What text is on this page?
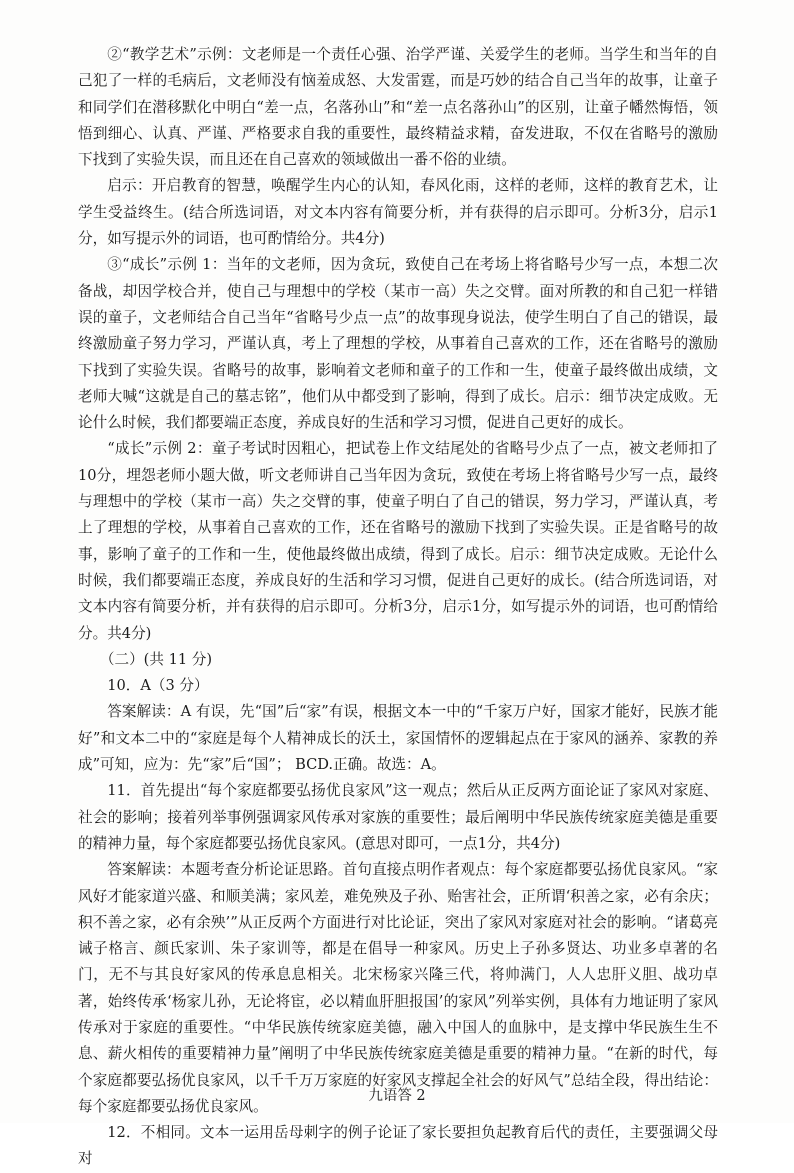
②“教学艺术”示例：文老师是一个责任心强、治学严谨、关爱学生的老师。当学生和当年的自己犯了一样的毛病后，文老师没有恼羞成怒、大发雷霆，而是巧妙的结合自己当年的故事，让童子和同学们在潜移默化中明白“差一点，名落孙山”和“差一点名落孙山”的区别，让童子幡然悔悟，领悟到细心、认真、严谨、严格要求自我的重要性，最终精益求精，奋发进取，不仅在省略号的激励下找到了实验失误，而且还在自己喜欢的领域做出一番不俗的业绩。

启示：开启教育的智慧，唤醒学生内心的认知，春风化雨，这样的老师，这样的教育艺术，让学生受益终生。(结合所选词语，对文本内容有简要分析，并有获得的启示即可。分析3分，启示1分，如写提示外的词语，也可酌情给分。共4分)

③“成长”示例 1：当年的文老师，因为贪玩，致使自己在考场上将省略号少写一点，本想二次备战，却因学校合并，使自己与理想中的学校（某市一高）失之交臂。面对所教的和自己犯一样错误的童子，文老师结合自己当年“省略号少点一点”的故事现身说法，使学生明白了自己的错误，最终激励童子努力学习，严谨认真，考上了理想的学校，从事着自己喜欢的工作，还在省略号的激励下找到了实验失误。省略号的故事，影响着文老师和童子的工作和一生，使童子最终做出成绩，文老师大喊“这就是自己的墓志铭”，他们从中都受到了影响，得到了成长。启示：细节决定成败。无论什么时候，我们都要端正态度，养成良好的生活和学习习惯，促进自己更好的成长。

“成长”示例 2：童子考试时因粗心，把试卷上作文结尾处的省略号少点了一点，被文老师扣了 10分，埋怨老师小题大做，听文老师讲自己当年因为贪玩，致使在考场上将省略号少写一点，最终与理想中的学校（某市一高）失之交臂的事，使童子明白了自己的错误，努力学习，严谨认真，考上了理想的学校，从事着自己喜欢的工作，还在省略号的激励下找到了实验失误。正是省略号的故事，影响了童子的工作和一生，使他最终做出成绩，得到了成长。启示：细节决定成败。无论什么时候，我们都要端正态度，养成良好的生活和学习习惯，促进自己更好的成长。(结合所选词语，对文本内容有简要分析，并有获得的启示即可。分析3分，启示1分，如写提示外的词语，也可酌情给分。共4分)

（二）(共 11 分)

10．A（3 分）

答案解读：A 有误，先“国”后“家”有误，根据文本一中的“千家万户好，国家才能好，民族才能好”和文本二中的“家庭是每个人精神成长的沃土，家国情怀的逻辑起点在于家风的涵养、家教的养成”可知，应为：先“家”后“国”； BCD.正确。故选：A。

11．首先提出“每个家庭都要弘扬优良家风”这一观点；然后从正反两方面论证了家风对家庭、社会的影响；接着列举事例强调家风传承对家族的重要性；最后阐明中华民族传统家庭美德是重要的精神力量，每个家庭都要弘扬优良家风。(意思对即可，一点1分，共4分)

答案解读：本题考查分析论证思路。首句直接点明作者观点：每个家庭都要弘扬优良家风。“家风好才能家道兴盛、和顺美满；家风差，难免殃及子孙、贻害社会，正所谓‘积善之家，必有余庆；积不善之家，必有余殃’”从正反两个方面进行对比论证，突出了家风对家庭对社会的影响。“诸葛亮诫子格言、颜氏家训、朱子家训等，都是在倡导一种家风。历史上子孙多贤达、功业多卓著的名门，无不与其良好家风的传承息息相关。北宋杨家兴隆三代，将帅满门，人人忠肝义胆、战功卓著，始终传承‘杨家儿孙，无论将宦，必以精血肝胆报国’的家风”列举实例，具体有力地证明了家风传承对于家庭的重要性。“中华民族传统家庭美德，融入中国人的血脉中，是支撑中华民族生生不息、薪火相传的重要精神力量”阐明了中华民族传统家庭美德是重要的精神力量。“在新的时代，每个家庭都要弘扬优良家风，以千千万万家庭的好家风支撑起全社会的好风气”总结全段，得出结论：每个家庭都要弘扬优良家风。

12．不相同。文本一运用岳母刺字的例子论证了家长要担负起教育后代的责任，主要强调父母对

九语答 2
